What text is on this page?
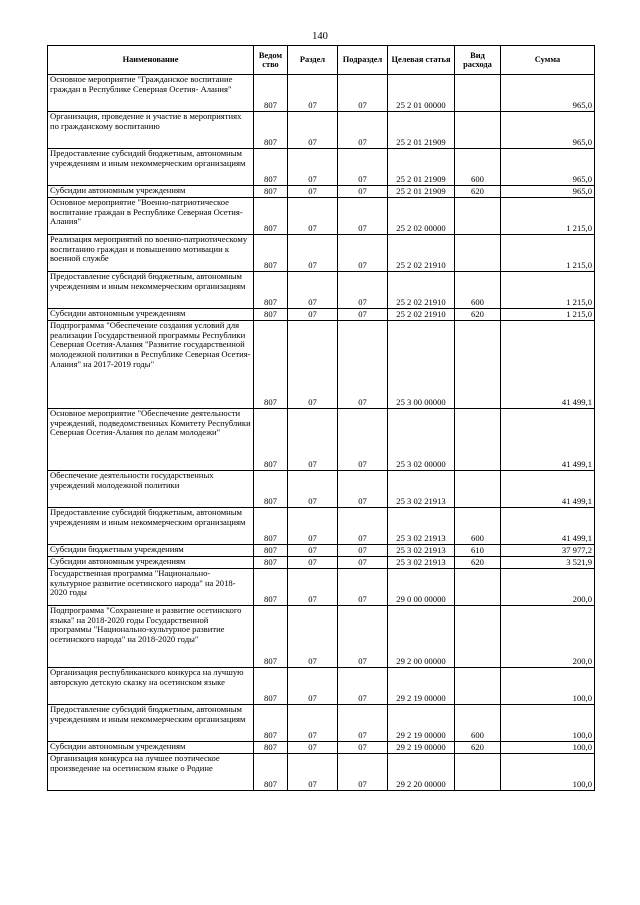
140
Наименование	Ведом ство	Раздел	Подраздел	Целевая статья	Вид расхода	Сумма
Основное мероприятие "Гражданское воспитание граждан в Республике Северная Осетия- Алания"	807	07	07	25 2 01 00000		965,0
Организация, проведение и участие в мероприятиях по гражданскому воспитанию	807	07	07	25 2 01 21909		965,0
Предоставление субсидий бюджетным, автономным учреждениям и иным некоммерческим организациям	807	07	07	25 2 01 21909	600	965,0
Субсидии автономным учреждениям	807	07	07	25 2 01 21909	620	965,0
Основное мероприятие "Военно-патриотическое воспитание граждан в Республике Северная Осетия- Алания"	807	07	07	25 2 02 00000		1 215,0
Реализация мероприятий по военно-патриотическому воспитанию граждан и повышению мотивации к военной службе	807	07	07	25 2 02 21910		1 215,0
Предоставление субсидий бюджетным, автономным учреждениям и иным некоммерческим организациям	807	07	07	25 2 02 21910	600	1 215,0
Субсидии автономным учреждениям	807	07	07	25 2 02 21910	620	1 215,0
Подпрограмма "Обеспечение создания условий для реализации Государственной программы Республики Северная Осетия-Алания "Развитие государственной молодежной политики в Республике Северная Осетия-Алания" на 2017-2019 годы"	807	07	07	25 3 00 00000		41 499,1
Основное мероприятие "Обеспечение деятельности учреждений, подведомственных Комитету Республики Северная Осетия-Алания по делам молодежи"	807	07	07	25 3 02 00000		41 499,1
Обеспечение деятельности государственных учреждений молодежной политики	807	07	07	25 3 02 21913		41 499,1
Предоставление субсидий бюджетным, автономным учреждениям и иным некоммерческим организациям	807	07	07	25 3 02 21913	600	41 499,1
Субсидии бюджетным учреждениям	807	07	07	25 3 02 21913	610	37 977,2
Субсидии автономным учреждениям	807	07	07	25 3 02 21913	620	3 521,9
Государственная программа "Национально-культурное развитие осетинского народа" на 2018-2020 годы	807	07	07	29 0 00 00000		200,0
Подпрограмма "Сохранение и развитие осетинского языка" на 2018-2020 годы Государственной программы "Национально-культурное развитие осетинского народа" на 2018-2020 годы"	807	07	07	29 2 00 00000		200,0
Организация республиканского конкурса на лучшую авторскую детскую сказку на осетинском языке	807	07	07	29 2 19 00000		100,0
Предоставление субсидий бюджетным, автономным учреждениям и иным некоммерческим организациям	807	07	07	29 2 19 00000	600	100,0
Субсидии автономным учреждениям	807	07	07	29 2 19 00000	620	100,0
Организация конкурса на лучшее поэтическое произведение на осетинском языке о Родине	807	07	07	29 2 20 00000		100,0
